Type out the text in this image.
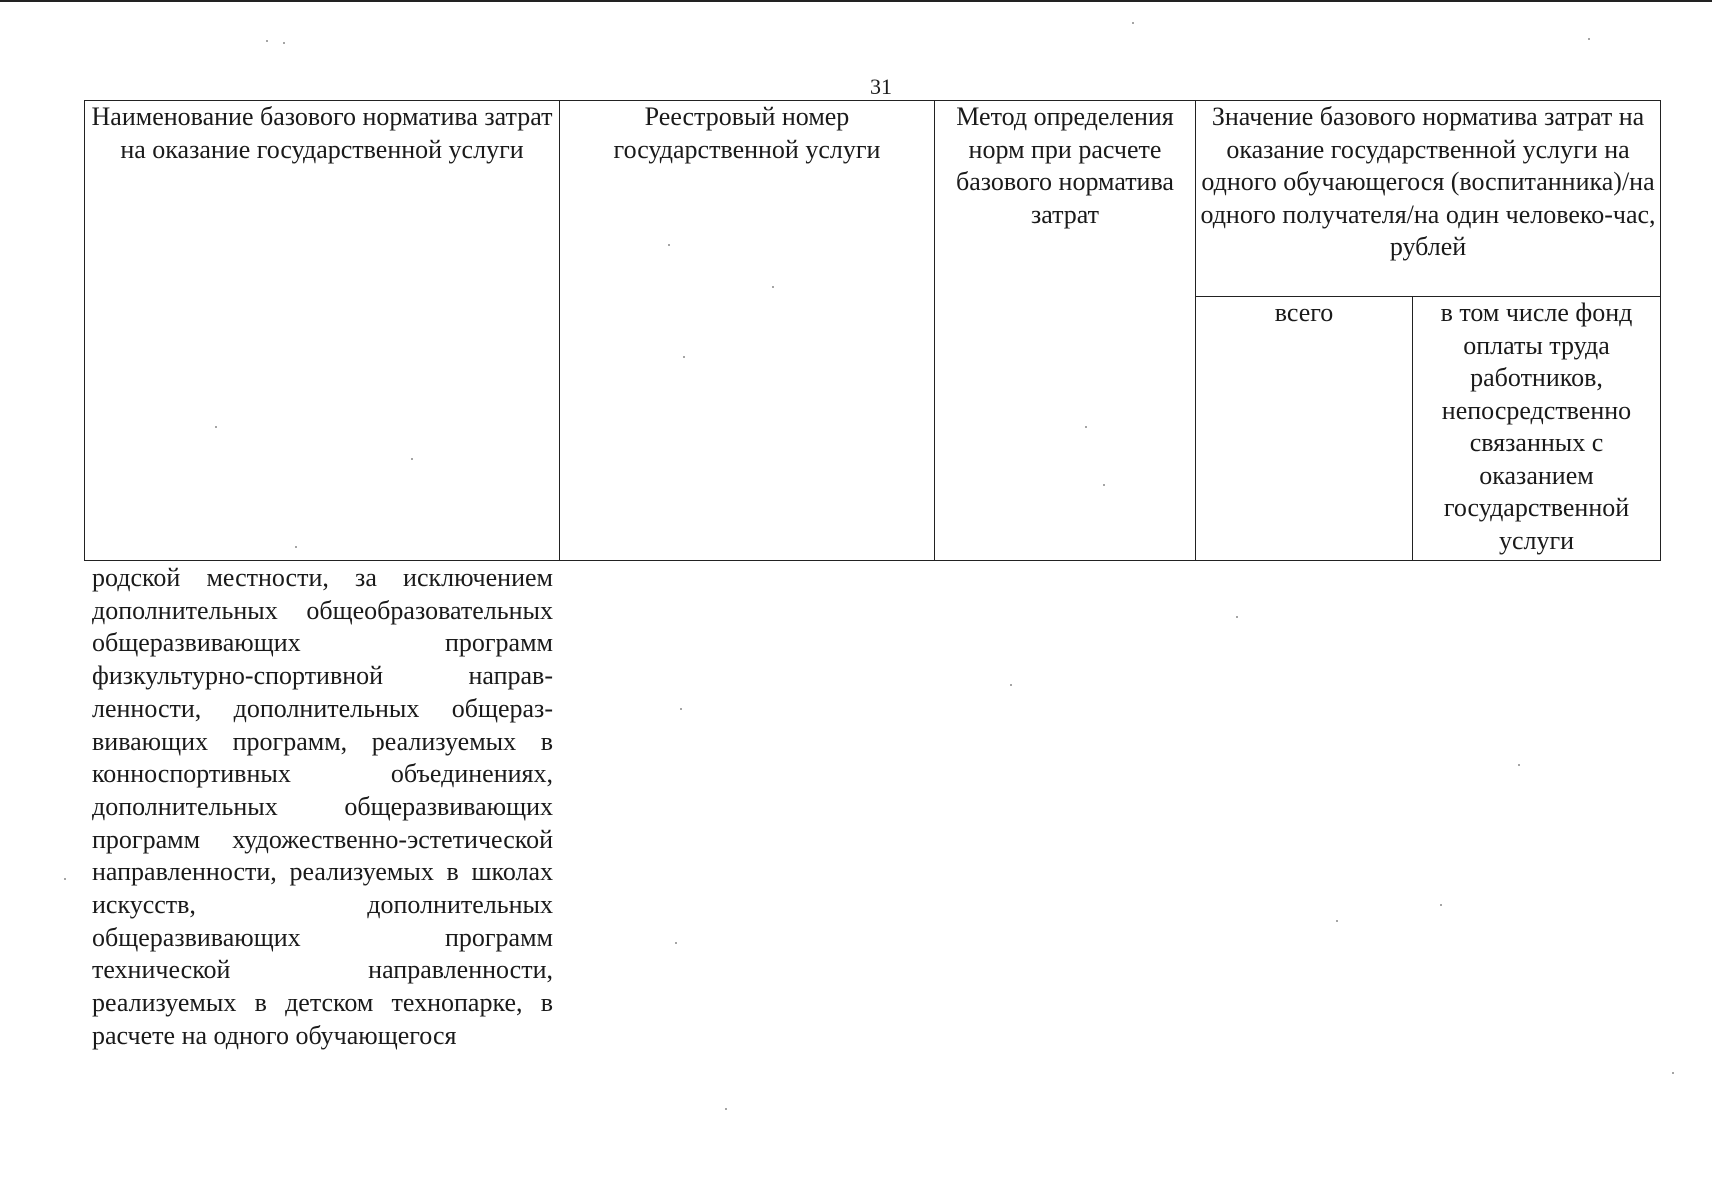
31
Наименование базового норматива затрат на оказание государственной услуги	Реестровый номер государственной услуги	Метод определения норм при расчете базового норматива затрат	Значение базового норматива затрат на оказание государственной услуги на одного обучающегося (воспитанника)/на одного получателя/на один человеко-час, рублей	
			всего	в том числе фонд оплаты труда работников, непосредственно связанных с оказанием государственной услуги

родской местности, за исключением дополнительных общеобразовательных общеразвивающих программ физкультурно-спортивной направленности, дополнительных общеразвивающих программ, реализуемых в конноспортивных объединениях, дополнительных общеразвивающих программ художественно-эстетической направленности, реализуемых в школах искусств, дополнительных общеразвивающих программ технической направленности, реализуемых в детском технопарке, в расчете на одного обучающегося
